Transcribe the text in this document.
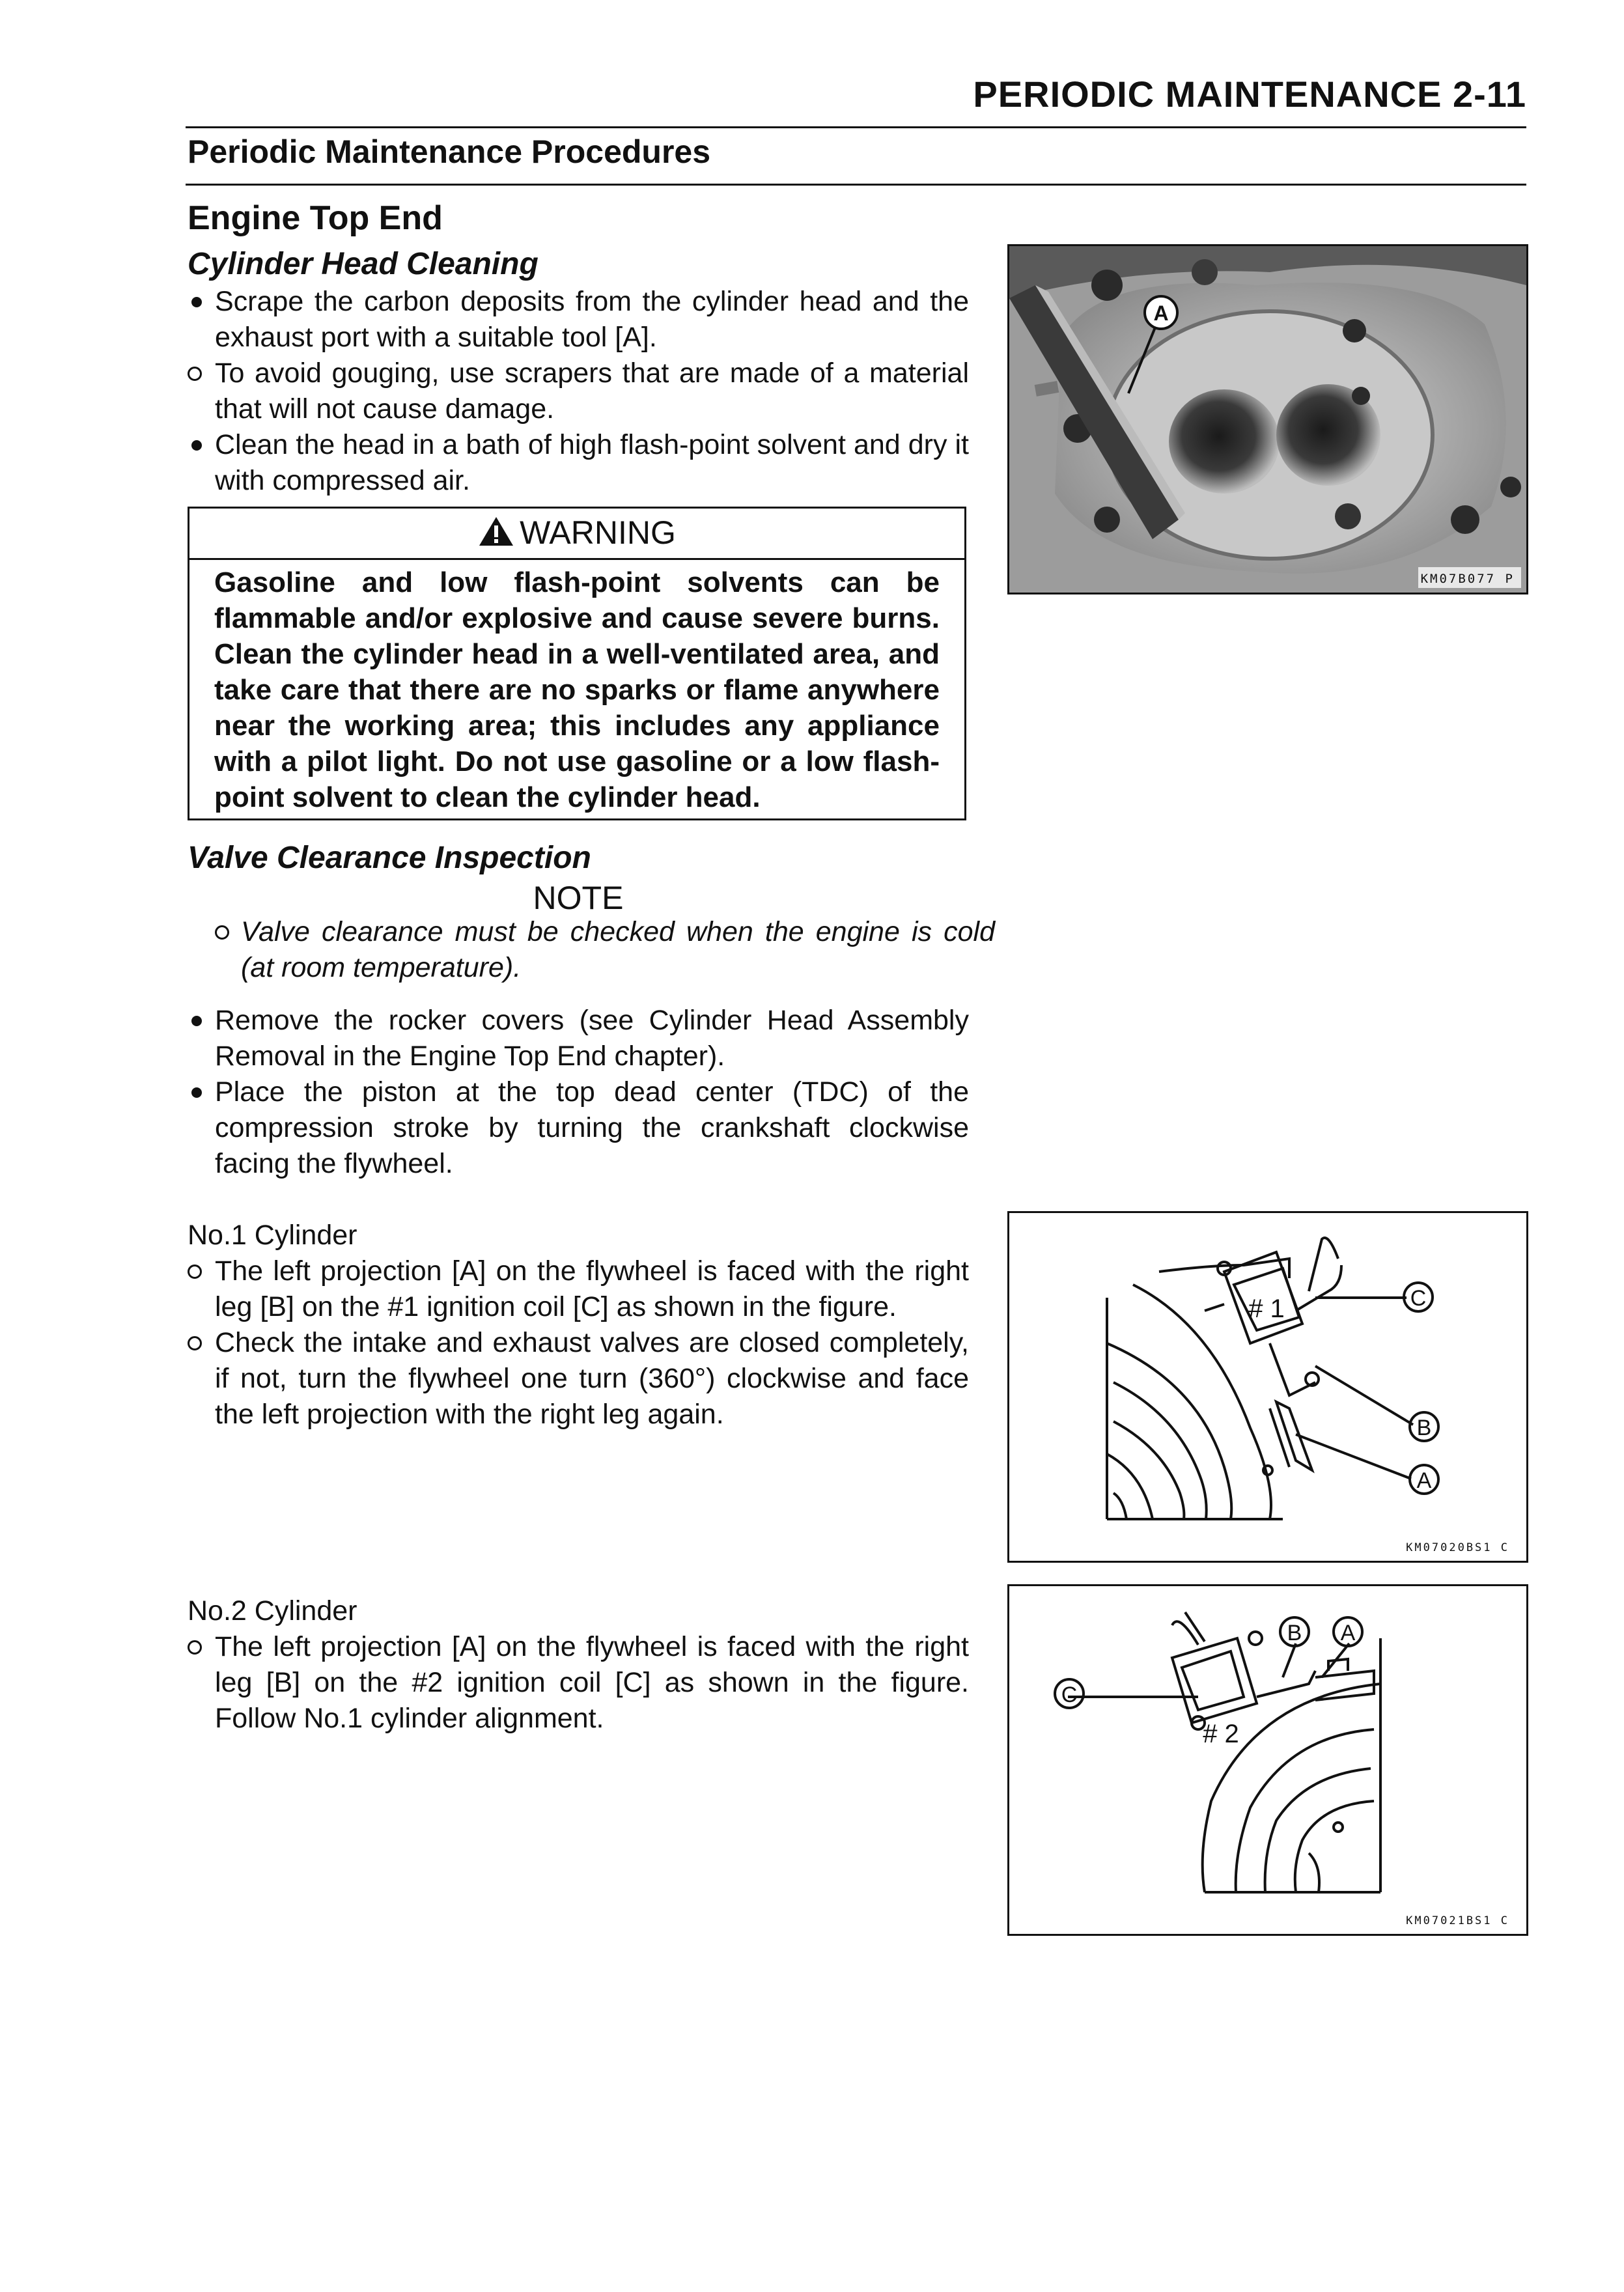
PERIODIC MAINTENANCE 2-11
Periodic Maintenance Procedures
Engine Top End
Cylinder Head Cleaning
Scrape the carbon deposits from the cylinder head and the exhaust port with a suitable tool [A].
To avoid gouging, use scrapers that are made of a material that will not cause damage.
Clean the head in a bath of high flash-point solvent and dry it with compressed air.
WARNING
Gasoline and low flash-point solvents can be flammable and/or explosive and cause severe burns. Clean the cylinder head in a well-ventilated area, and take care that there are no sparks or flame anywhere near the working area; this includes any appliance with a pilot light. Do not use gasoline or a low flash-point solvent to clean the cylinder head.
Valve Clearance Inspection
NOTE
Valve clearance must be checked when the engine is cold (at room temperature).
Remove the rocker covers (see Cylinder Head Assembly Removal in the Engine Top End chapter).
Place the piston at the top dead center (TDC) of the compression stroke by turning the crankshaft clockwise facing the flywheel.
No.1 Cylinder
The left projection [A] on the flywheel is faced with the right leg [B] on the #1 ignition coil [C] as shown in the figure.
Check the intake and exhaust valves are closed completely, if not, turn the flywheel one turn (360°) clockwise and face the left projection with the right leg again.
No.2 Cylinder
The left projection [A] on the flywheel is faced with the right leg [B] on the #2 ignition coil [C] as shown in the figure. Follow No.1 cylinder alignment.
A
KM07B077 P
# 1	C
B
A
KM07020BS1 C
# 2
C
B A
KM07021BS1 C
